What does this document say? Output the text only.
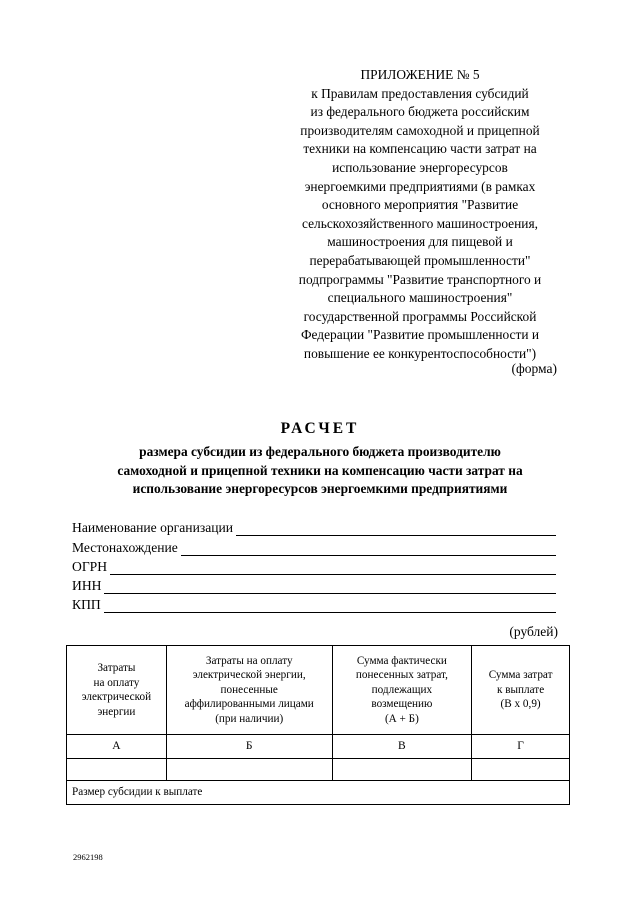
ПРИЛОЖЕНИЕ № 5
к Правилам предоставления субсидий
из федерального бюджета российским
производителям самоходной и прицепной
техники на компенсацию части затрат на
использование энергоресурсов
энергоемкими предприятиями (в рамках
основного мероприятия "Развитие
сельскохозяйственного машиностроения,
машиностроения для пищевой и
перерабатывающей промышленности"
подпрограммы "Развитие транспортного и
специального машиностроения"
государственной программы Российской
Федерации "Развитие промышленности и
повышение ее конкурентоспособности")
(форма)
РАСЧЕТ
размера субсидии из федерального бюджета производителю
самоходной и прицепной техники на компенсацию части затрат на
использование энергоресурсов энергоемкими предприятиями
Наименование организации
Местонахождение
ОГРН
ИНН
КПП
(рублей)
Затраты
на оплату
электрической
энергии	Затраты на оплату
электрической энергии,
понесенные
аффилированными лицами
(при наличии)	Сумма фактически
понесенных затрат,
подлежащих
возмещению
(А + Б)	Сумма затрат
к выплате
(В x 0,9)

А	Б	В	Г

Размер субсидии к выплате			
2962198
